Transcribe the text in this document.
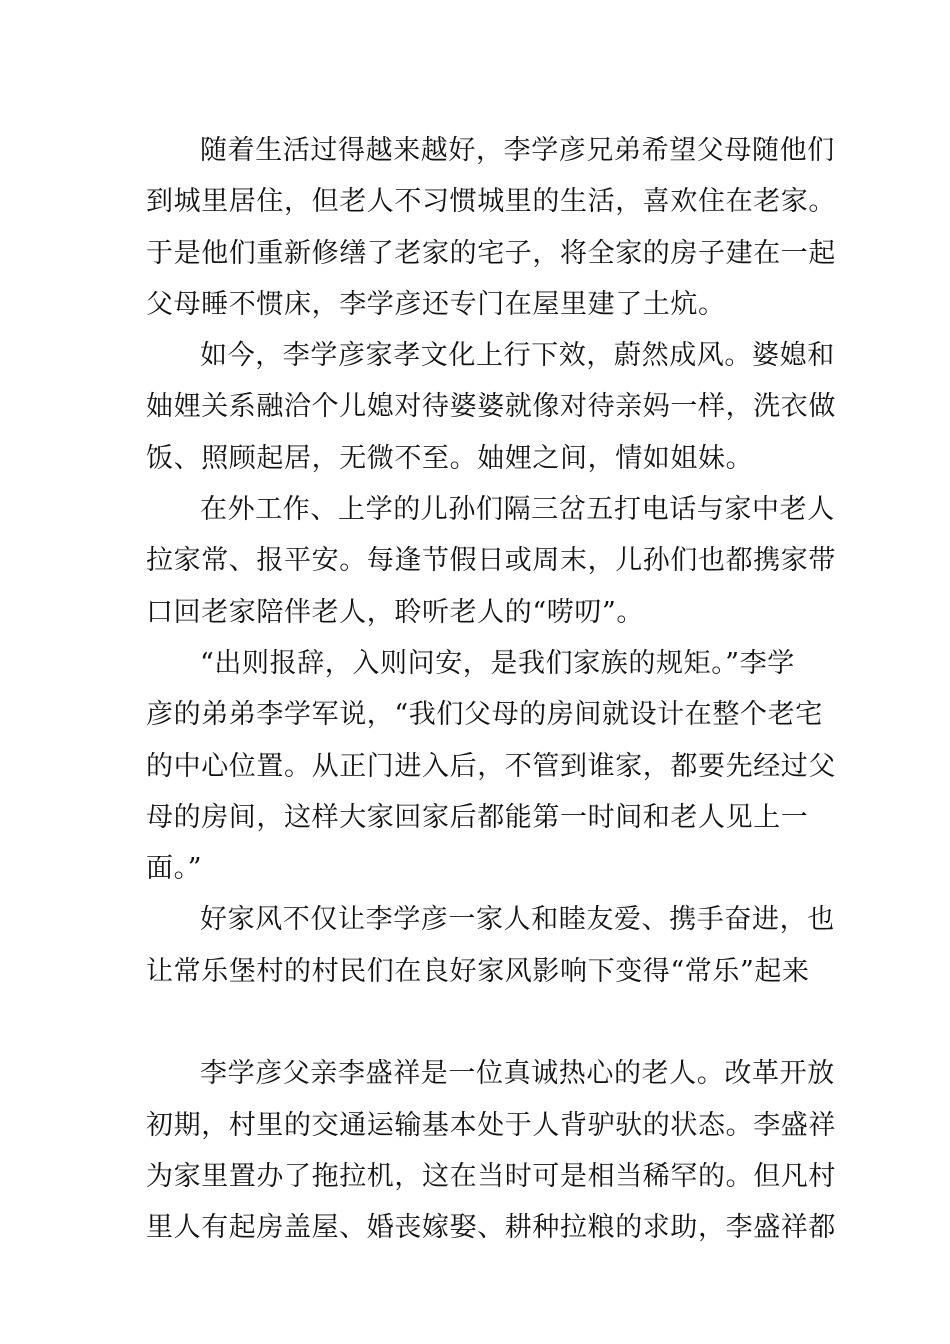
随着生活过得越来越好，李学彦兄弟希望父母随他们
到城里居住，但老人不习惯城里的生活，喜欢住在老家。
于是他们重新修缮了老家的宅子，将全家的房子建在一起
父母睡不惯床，李学彦还专门在屋里建了土炕。
如今，李学彦家孝文化上行下效，蔚然成风。婆媳和
妯娌关系融洽个儿媳对待婆婆就像对待亲妈一样，洗衣做
饭、照顾起居，无微不至。妯娌之间，情如姐妹。
在外工作、上学的儿孙们隔三岔五打电话与家中老人
拉家常、报平安。每逢节假日或周末，儿孙们也都携家带
口回老家陪伴老人，聆听老人的“唠叨”。
“出则报辞，入则问安，是我们家族的规矩。”李学
彦的弟弟李学军说，“我们父母的房间就设计在整个老宅
的中心位置。从正门进入后，不管到谁家，都要先经过父
母的房间，这样大家回家后都能第一时间和老人见上一
面。”
好家风不仅让李学彦一家人和睦友爱、携手奋进，也
让常乐堡村的村民们在良好家风影响下变得“常乐”起来
李学彦父亲李盛祥是一位真诚热心的老人。改革开放
初期，村里的交通运输基本处于人背驴驮的状态。李盛祥
为家里置办了拖拉机，这在当时可是相当稀罕的。但凡村
里人有起房盖屋、婚丧嫁娶、耕种拉粮的求助，李盛祥都
